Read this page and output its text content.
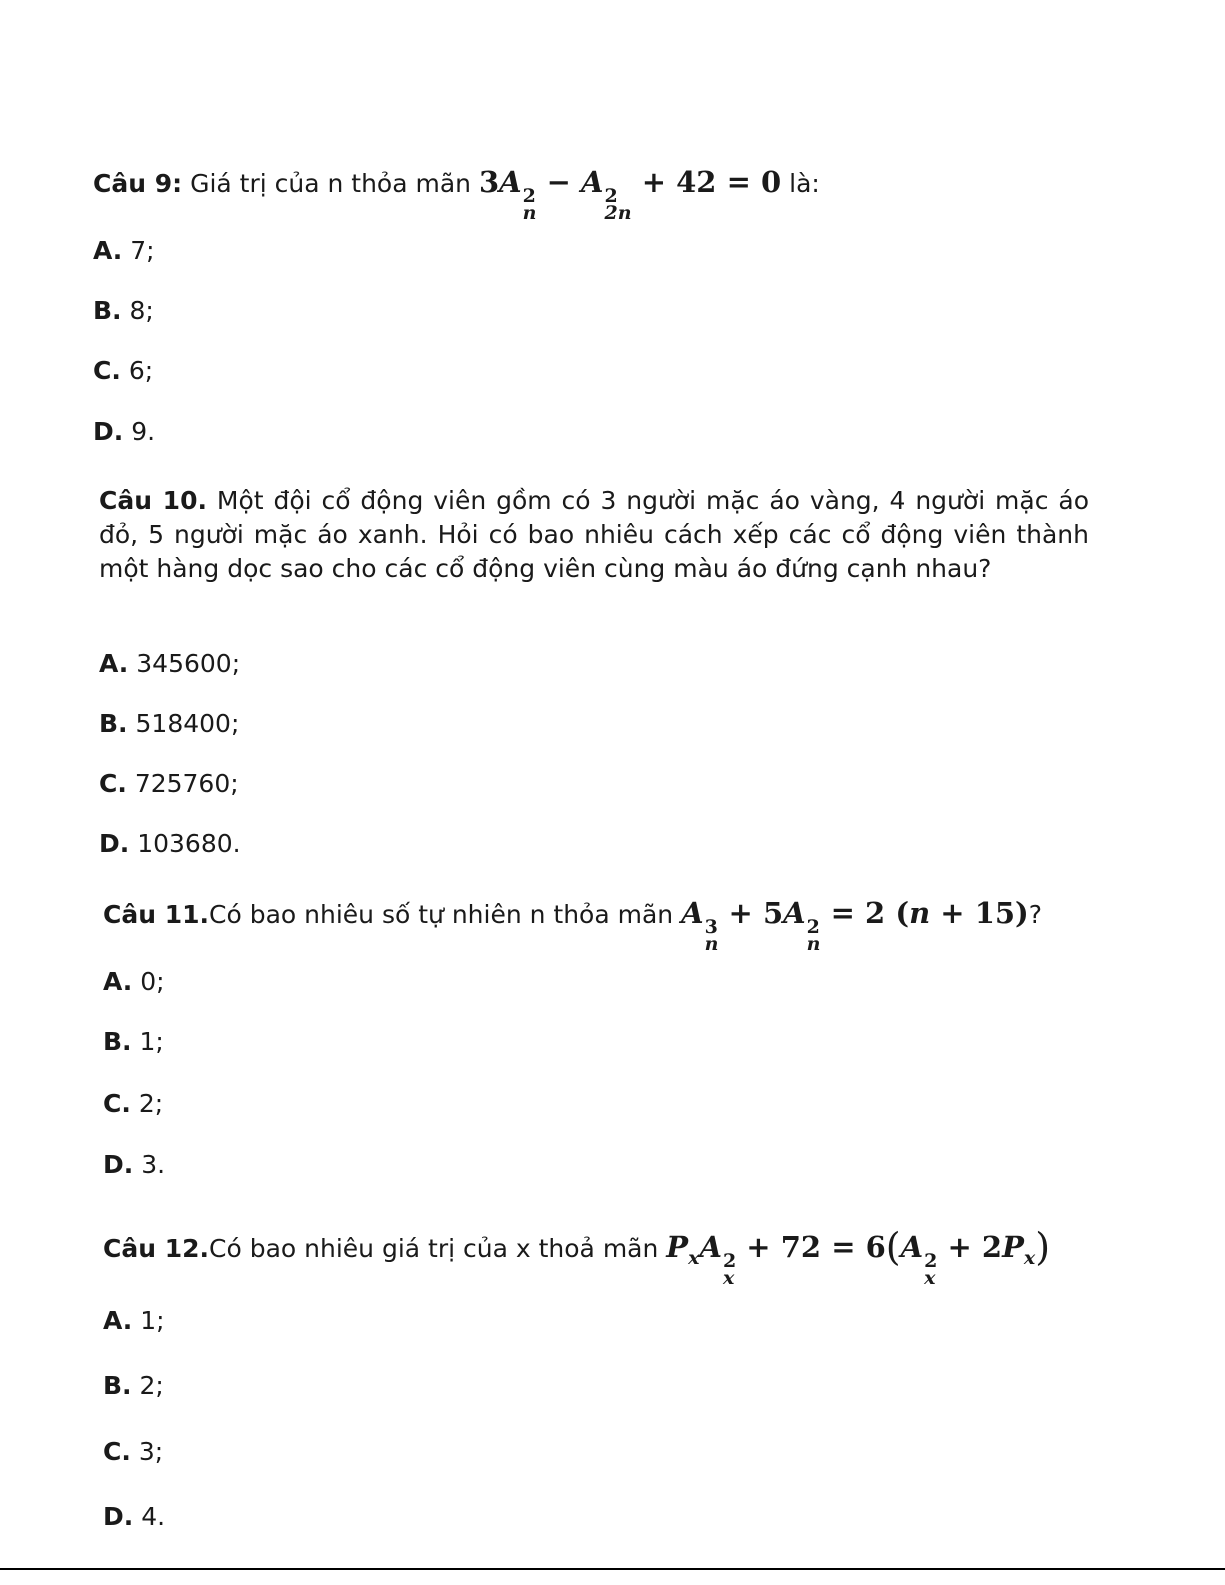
Câu 9: Giá trị của n thỏa mãn 3A 2
n
− A 2
2n
+ 42 = 0 là:
A. 7;
B. 8;
C. 6;
D. 9.
Câu 10. Một đội cổ động viên gồm có 3 người mặc áo vàng, 4 người mặc áo đỏ, 5 người mặc áo xanh. Hỏi có bao nhiêu cách xếp các cổ động viên thành một hàng dọc sao cho các cổ động viên cùng màu áo đứng cạnh nhau?
A. 345600;
B. 518400;
C. 725760;
D. 103680.
Câu 11.Có bao nhiêu số tự nhiên n thỏa mãn A 3
n
+ 5A 2
n
= 2 (n + 15)?
A. 0;
B. 1;
C. 2;
D. 3.
Câu 12.Có bao nhiêu giá trị của x thoả mãn $P_xA$ 2
x
+ 72 = 6(A 2
x
+ $2P_x$)
A. 1;
B. 2;
C. 3;
D. 4.
